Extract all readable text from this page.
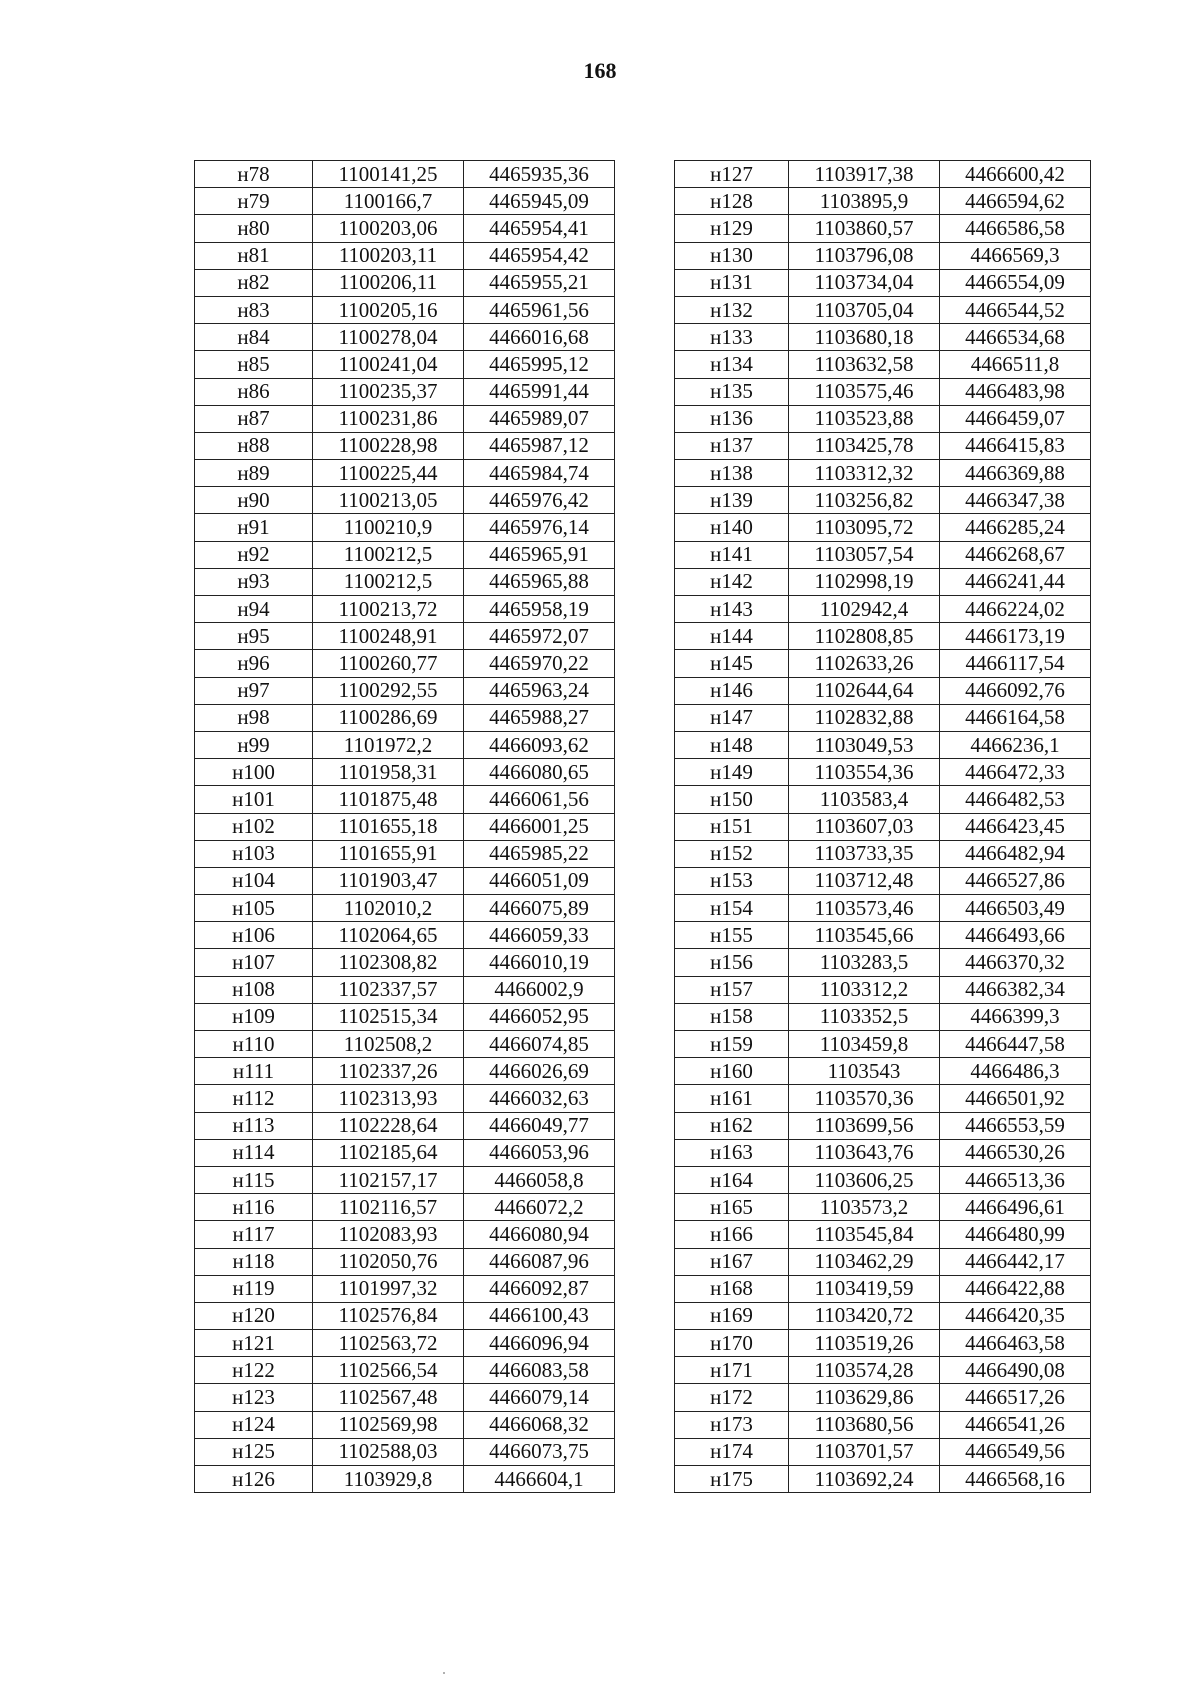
168
н78	1100141,25	4465935,36
н79	1100166,7	4465945,09
н80	1100203,06	4465954,41
н81	1100203,11	4465954,42
н82	1100206,11	4465955,21
н83	1100205,16	4465961,56
н84	1100278,04	4466016,68
н85	1100241,04	4465995,12
н86	1100235,37	4465991,44
н87	1100231,86	4465989,07
н88	1100228,98	4465987,12
н89	1100225,44	4465984,74
н90	1100213,05	4465976,42
н91	1100210,9	4465976,14
н92	1100212,5	4465965,91
н93	1100212,5	4465965,88
н94	1100213,72	4465958,19
н95	1100248,91	4465972,07
н96	1100260,77	4465970,22
н97	1100292,55	4465963,24
н98	1100286,69	4465988,27
н99	1101972,2	4466093,62
н100	1101958,31	4466080,65
н101	1101875,48	4466061,56
н102	1101655,18	4466001,25
н103	1101655,91	4465985,22
н104	1101903,47	4466051,09
н105	1102010,2	4466075,89
н106	1102064,65	4466059,33
н107	1102308,82	4466010,19
н108	1102337,57	4466002,9
н109	1102515,34	4466052,95
н110	1102508,2	4466074,85
н111	1102337,26	4466026,69
н112	1102313,93	4466032,63
н113	1102228,64	4466049,77
н114	1102185,64	4466053,96
н115	1102157,17	4466058,8
н116	1102116,57	4466072,2
н117	1102083,93	4466080,94
н118	1102050,76	4466087,96
н119	1101997,32	4466092,87
н120	1102576,84	4466100,43
н121	1102563,72	4466096,94
н122	1102566,54	4466083,58
н123	1102567,48	4466079,14
н124	1102569,98	4466068,32
н125	1102588,03	4466073,75
н126	1103929,8	4466604,1
н127	1103917,38	4466600,42
н128	1103895,9	4466594,62
н129	1103860,57	4466586,58
н130	1103796,08	4466569,3
н131	1103734,04	4466554,09
н132	1103705,04	4466544,52
н133	1103680,18	4466534,68
н134	1103632,58	4466511,8
н135	1103575,46	4466483,98
н136	1103523,88	4466459,07
н137	1103425,78	4466415,83
н138	1103312,32	4466369,88
н139	1103256,82	4466347,38
н140	1103095,72	4466285,24
н141	1103057,54	4466268,67
н142	1102998,19	4466241,44
н143	1102942,4	4466224,02
н144	1102808,85	4466173,19
н145	1102633,26	4466117,54
н146	1102644,64	4466092,76
н147	1102832,88	4466164,58
н148	1103049,53	4466236,1
н149	1103554,36	4466472,33
н150	1103583,4	4466482,53
н151	1103607,03	4466423,45
н152	1103733,35	4466482,94
н153	1103712,48	4466527,86
н154	1103573,46	4466503,49
н155	1103545,66	4466493,66
н156	1103283,5	4466370,32
н157	1103312,2	4466382,34
н158	1103352,5	4466399,3
н159	1103459,8	4466447,58
н160	1103543	4466486,3
н161	1103570,36	4466501,92
н162	1103699,56	4466553,59
н163	1103643,76	4466530,26
н164	1103606,25	4466513,36
н165	1103573,2	4466496,61
н166	1103545,84	4466480,99
н167	1103462,29	4466442,17
н168	1103419,59	4466422,88
н169	1103420,72	4466420,35
н170	1103519,26	4466463,58
н171	1103574,28	4466490,08
н172	1103629,86	4466517,26
н173	1103680,56	4466541,26
н174	1103701,57	4466549,56
н175	1103692,24	4466568,16
